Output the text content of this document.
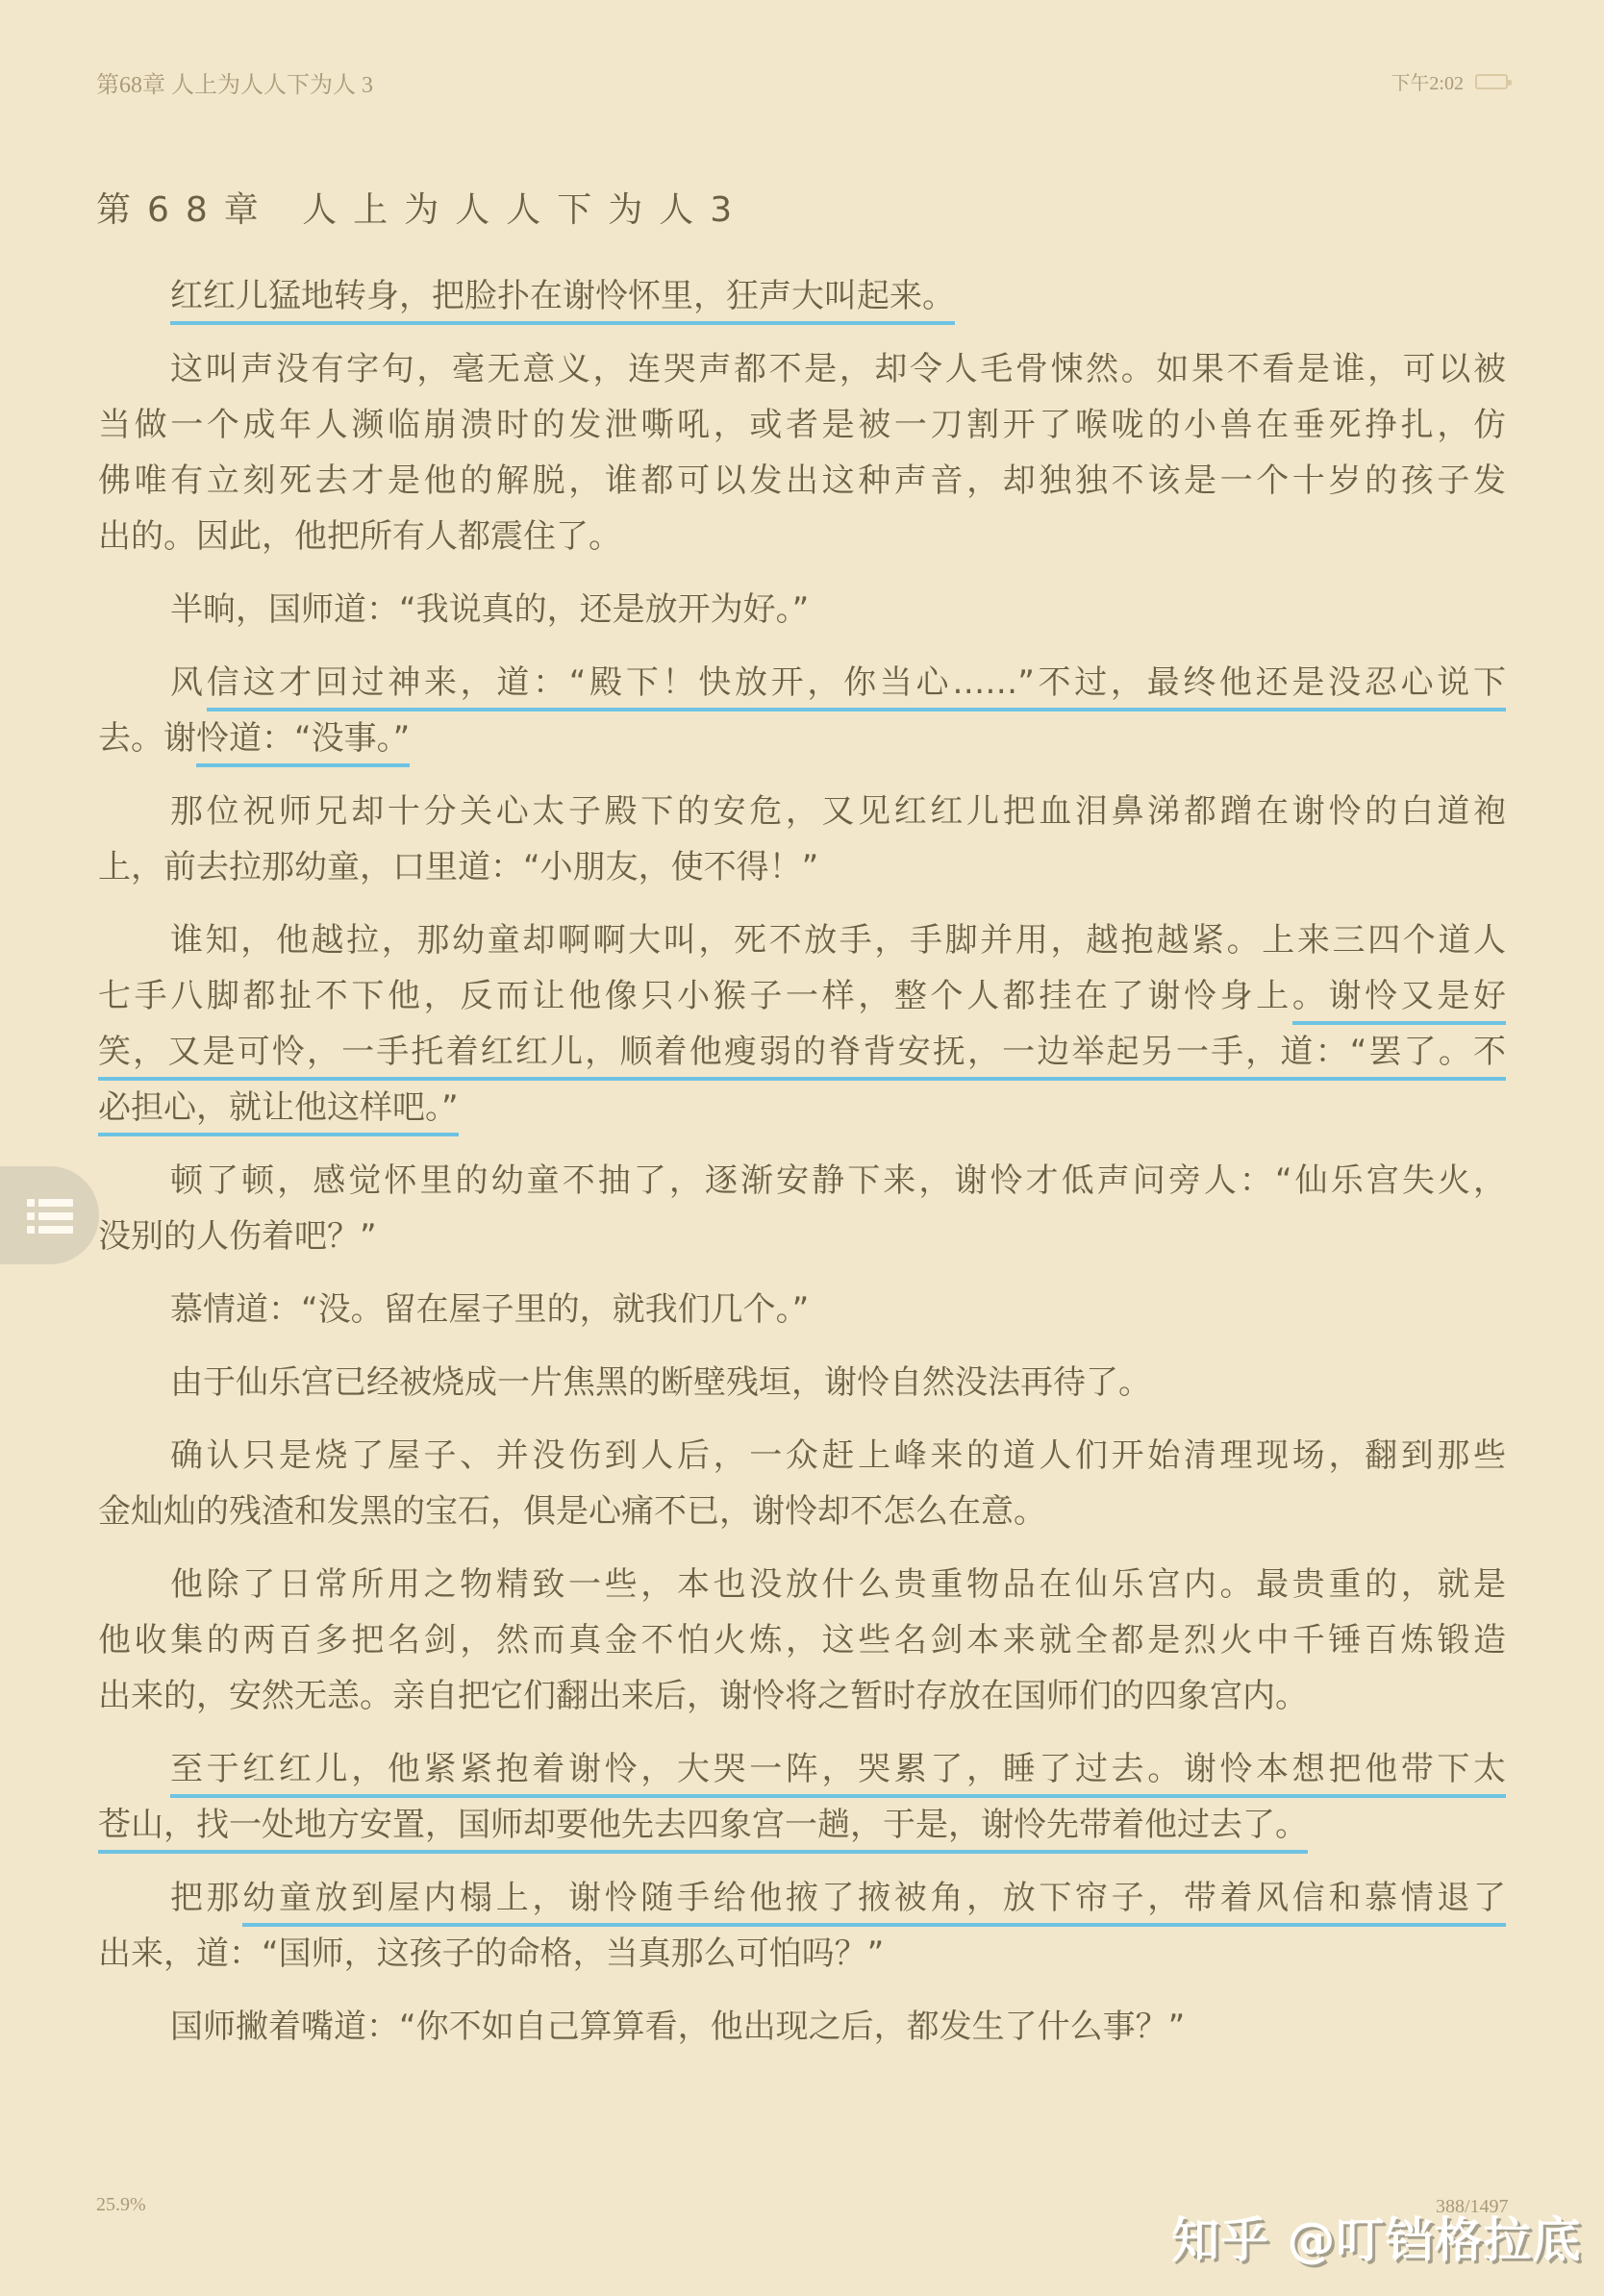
第68章 人上为人人下为人 3	下午2:02
第68章 人上为人人下为人3
红红儿猛地转身，把脸扑在谢怜怀里，狂声大叫起来。
这叫声没有字句，毫无意义，连哭声都不是，却令人毛骨悚然。如果不看是谁，可以被
当做一个成年人濒临崩溃时的发泄嘶吼，或者是被一刀割开了喉咙的小兽在垂死挣扎，仿
佛唯有立刻死去才是他的解脱，谁都可以发出这种声音，却独独不该是一个十岁的孩子发
出的。因此，他把所有人都震住了。
半晌，国师道：“我说真的，还是放开为好。”
风信这才回过神来，道：“殿下！快放开，你当心……”不过，最终他还是没忍心说下
去。谢怜道：“没事。”
那位祝师兄却十分关心太子殿下的安危，又见红红儿把血泪鼻涕都蹭在谢怜的白道袍
上，前去拉那幼童，口里道：“小朋友，使不得！”
谁知，他越拉，那幼童却啊啊大叫，死不放手，手脚并用，越抱越紧。上来三四个道人
七手八脚都扯不下他，反而让他像只小猴子一样，整个人都挂在了谢怜身上。谢怜又是好
笑，又是可怜，一手托着红红儿，顺着他瘦弱的脊背安抚，一边举起另一手，道：“罢了。不
必担心，就让他这样吧。”
顿了顿，感觉怀里的幼童不抽了，逐渐安静下来，谢怜才低声问旁人：“仙乐宫失火，
没别的人伤着吧？”
慕情道：“没。留在屋子里的，就我们几个。”
由于仙乐宫已经被烧成一片焦黑的断壁残垣，谢怜自然没法再待了。
确认只是烧了屋子、并没伤到人后，一众赶上峰来的道人们开始清理现场，翻到那些
金灿灿的残渣和发黑的宝石，俱是心痛不已，谢怜却不怎么在意。
他除了日常所用之物精致一些，本也没放什么贵重物品在仙乐宫内。最贵重的，就是
他收集的两百多把名剑，然而真金不怕火炼，这些名剑本来就全都是烈火中千锤百炼锻造
出来的，安然无恙。亲自把它们翻出来后，谢怜将之暂时存放在国师们的四象宫内。
至于红红儿，他紧紧抱着谢怜，大哭一阵，哭累了，睡了过去。谢怜本想把他带下太
苍山，找一处地方安置，国师却要他先去四象宫一趟，于是，谢怜先带着他过去了。
把那幼童放到屋内榻上，谢怜随手给他掖了掖被角，放下帘子，带着风信和慕情退了
出来，道：“国师，这孩子的命格，当真那么可怕吗？”
国师撇着嘴道：“你不如自己算算看，他出现之后，都发生了什么事？”
25.9%	388/1497
知乎 @叮铛格拉底
